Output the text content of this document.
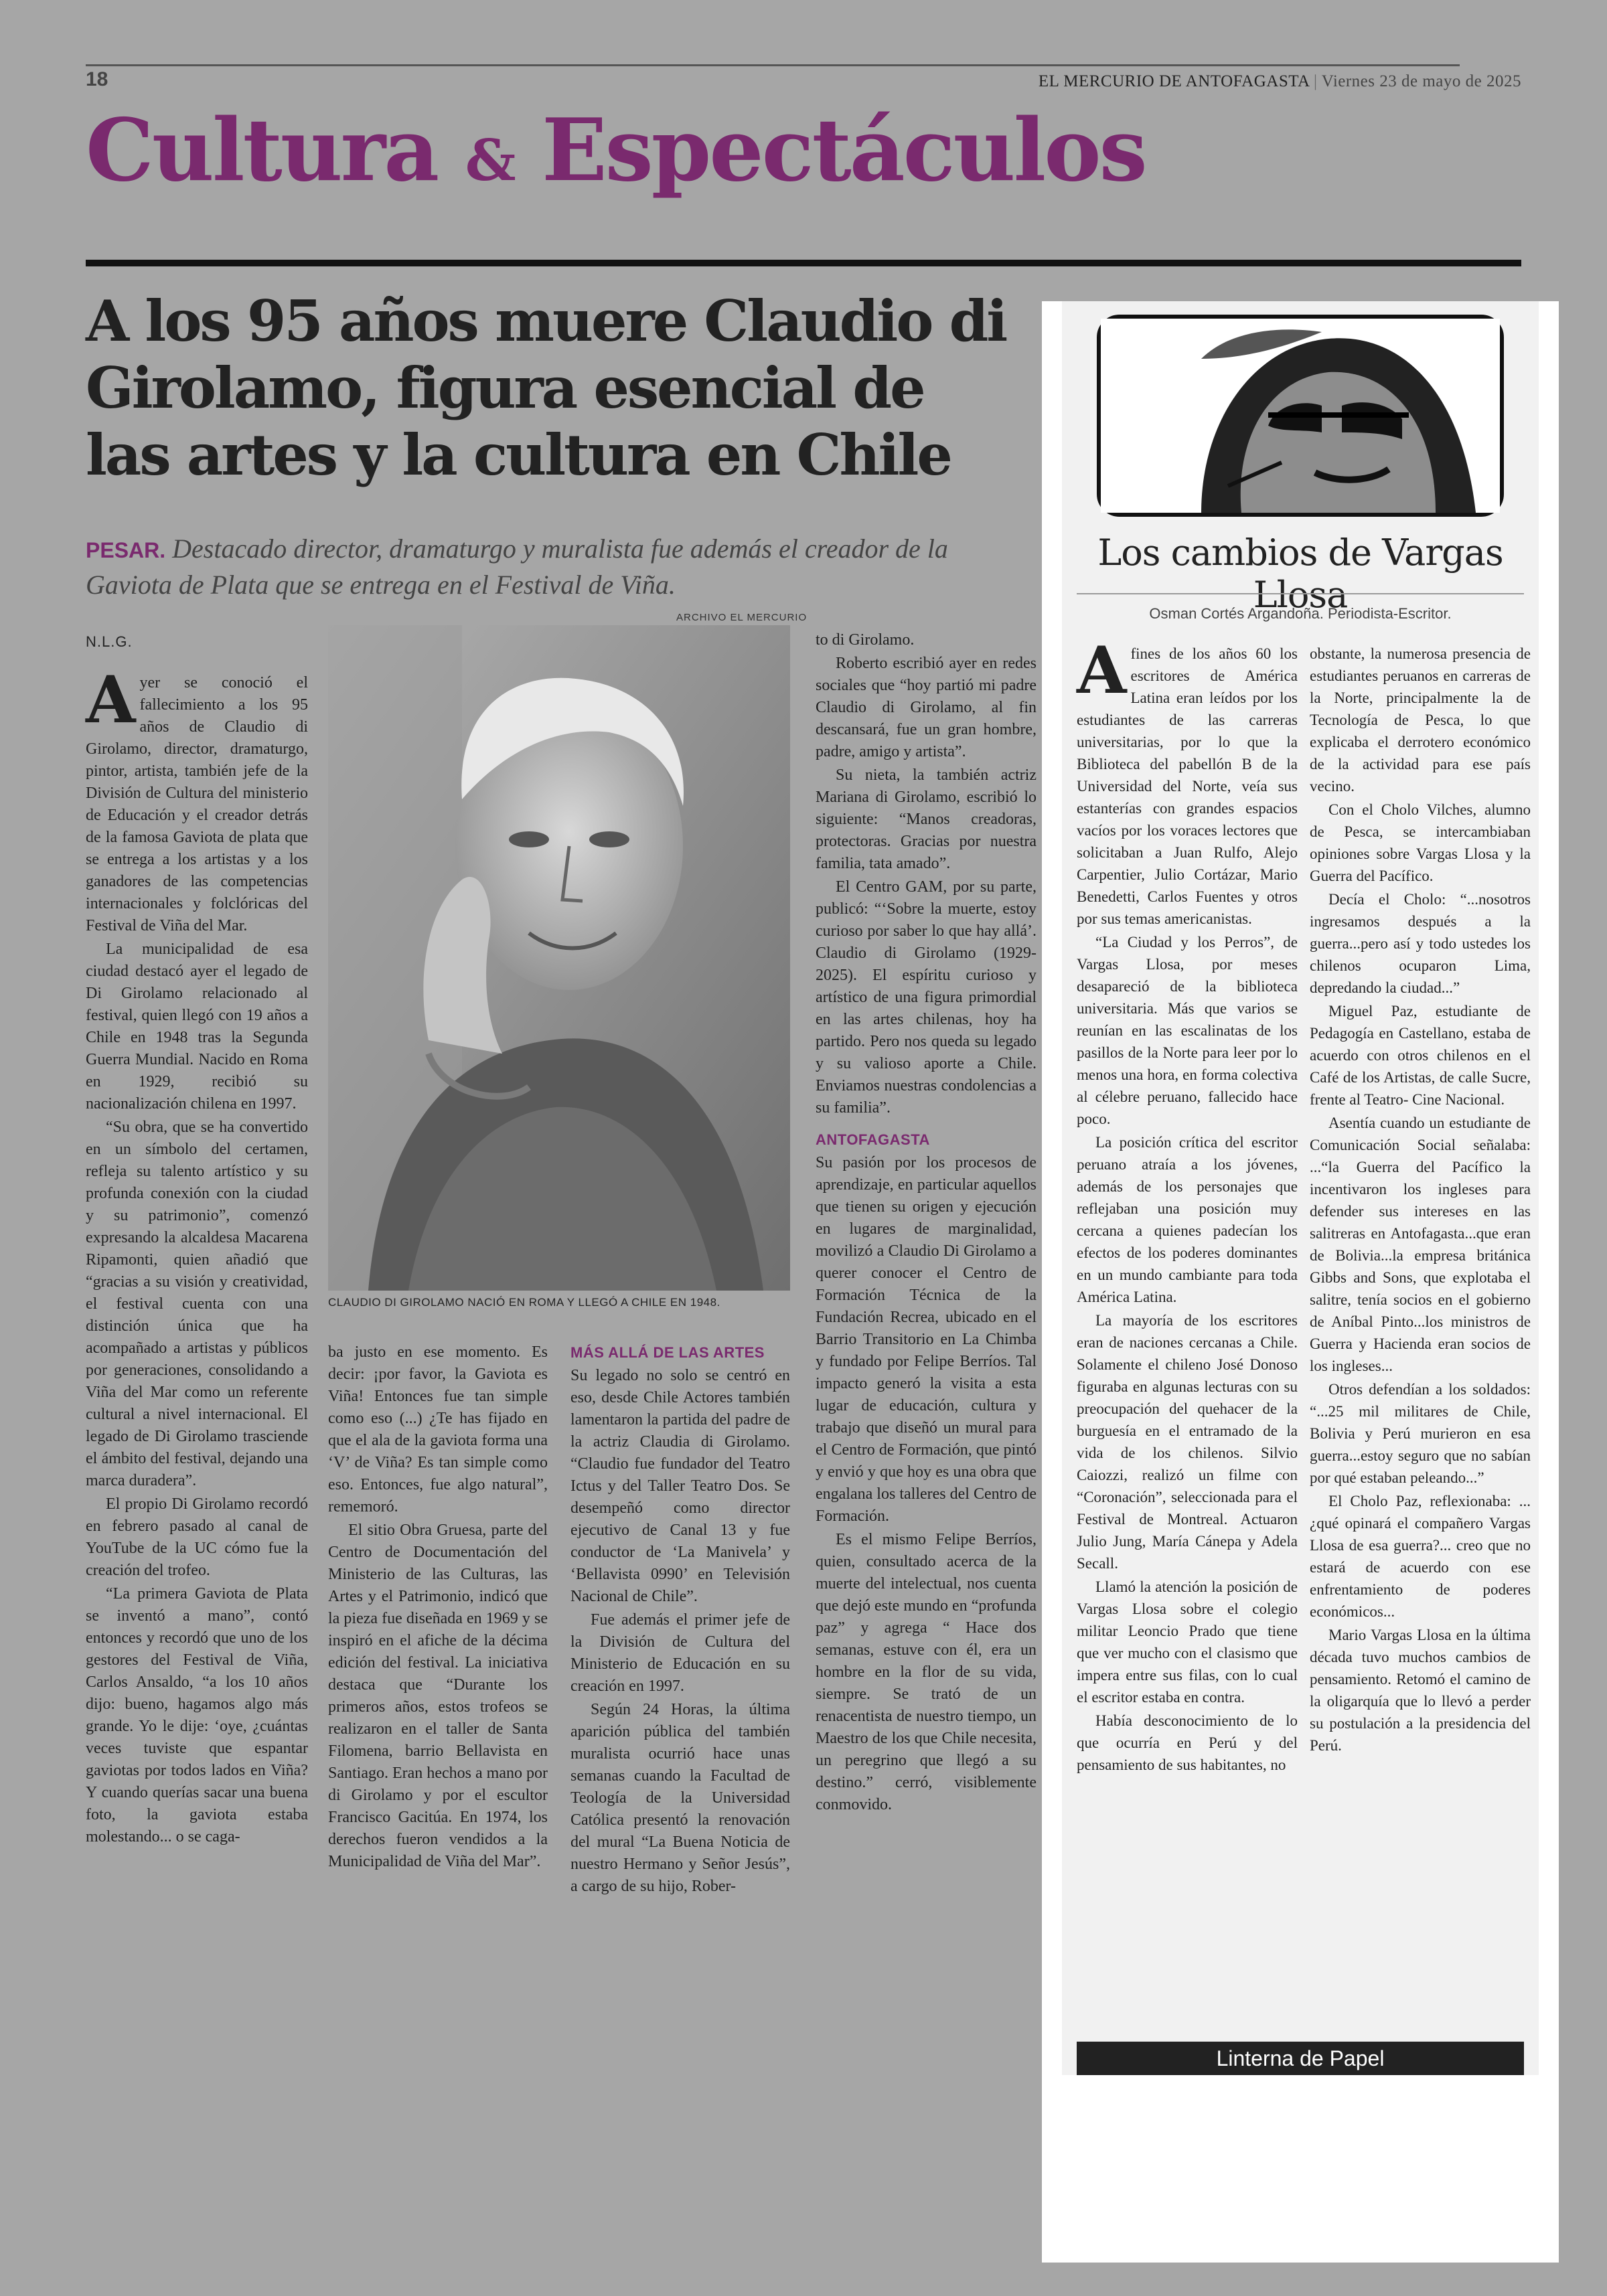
18	EL MERCURIO DE ANTOFAGASTA | Viernes 23 de mayo de 2025
Cultura & Espectáculos
A los 95 años muere Claudio di Girolamo, figura esencial de las artes y la cultura en Chile
PESAR. Destacado director, dramaturgo y muralista fue además el creador de la Gaviota de Plata que se entrega en el Festival de Viña.
N.L.G.
ARCHIVO EL MERCURIO
CLAUDIO DI GIROLAMO NACIÓ EN ROMA Y LLEGÓ A CHILE EN 1948.

Ayer se conoció el fallecimiento a los 95 años de Claudio di Girolamo, director, dramaturgo, pintor, artista, también jefe de la División de Cultura del ministerio de Educación y el creador detrás de la famosa Gaviota de plata que se entrega a los artistas y a los ganadores de las competencias internacionales y folclóricas del Festival de Viña del Mar.

La municipalidad de esa ciudad destacó ayer el legado de Di Girolamo relacionado al festival, quien llegó con 19 años a Chile en 1948 tras la Segunda Guerra Mundial. Nacido en Roma en 1929, recibió su nacionalización chilena en 1997.

“Su obra, que se ha convertido en un símbolo del certamen, refleja su talento artístico y su profunda conexión con la ciudad y su patrimonio”, comenzó expresando la alcaldesa Macarena Ripamonti, quien añadió que “gracias a su visión y creatividad, el festival cuenta con una distinción única que ha acompañado a artistas y públicos por generaciones, consolidando a Viña del Mar como un referente cultural a nivel internacional. El legado de Di Girolamo trasciende el ámbito del festival, dejando una marca duradera”.

El propio Di Girolamo recordó en febrero pasado al canal de YouTube de la UC cómo fue la creación del trofeo.

“La primera Gaviota de Plata se inventó a mano”, contó entonces y recordó que uno de los gestores del Festival de Viña, Carlos Ansaldo, “a los 10 años dijo: bueno, hagamos algo más grande. Yo le dije: ‘oye, ¿cuántas veces tuviste que espantar gaviotas por todos lados en Viña? Y cuando querías sacar una buena foto, la gaviota estaba molestando... o se caga-

ba justo en ese momento. Es decir: ¡por favor, la Gaviota es Viña! Entonces fue tan simple como eso (...) ¿Te has fijado en que el ala de la gaviota forma una ‘V’ de Viña? Es tan simple como eso. Entonces, fue algo natural”, rememoró.

El sitio Obra Gruesa, parte del Centro de Documentación del Ministerio de las Culturas, las Artes y el Patrimonio, indicó que la pieza fue diseñada en 1969 y se inspiró en el afiche de la décima edición del festival. La iniciativa destaca que “Durante los primeros años, estos trofeos se realizaron en el taller de Santa Filomena, barrio Bellavista en Santiago. Eran hechos a mano por di Girolamo y por el escultor Francisco Gacitúa. En 1974, los derechos fueron vendidos a la Municipalidad de Viña del Mar”.

MÁS ALLÁ DE LAS ARTES

Su legado no solo se centró en eso, desde Chile Actores también lamentaron la partida del padre de la actriz Claudia di Girolamo. “Claudio fue fundador del Teatro Ictus y del Taller Teatro Dos. Se desempeñó como director ejecutivo de Canal 13 y fue conductor de ‘La Manivela’ y ‘Bellavista 0990’ en Televisión Nacional de Chile”.

Fue además el primer jefe de la División de Cultura del Ministerio de Educación en su creación en 1997.

Según 24 Horas, la última aparición pública del también muralista ocurrió hace unas semanas cuando la Facultad de Teología de la Universidad Católica presentó la renovación del mural “La Buena Noticia de nuestro Hermano y Señor Jesús”, a cargo de su hijo, Rober-

to di Girolamo.

Roberto escribió ayer en redes sociales que “hoy partió mi padre Claudio di Girolamo, al fin descansará, fue un gran hombre, padre, amigo y artista”.

Su nieta, la también actriz Mariana di Girolamo, escribió lo siguiente: “Manos creadoras, protectoras. Gracias por nuestra familia, tata amado”.

El Centro GAM, por su parte, publicó: “‘Sobre la muerte, estoy curioso por saber lo que hay allá’. Claudio di Girolamo (1929-2025). El espíritu curioso y artístico de una figura primordial en las artes chilenas, hoy ha partido. Pero nos queda su legado y su valioso aporte a Chile. Enviamos nuestras condolencias a su familia”.

ANTOFAGASTA

Su pasión por los procesos de aprendizaje, en particular aquellos que tienen su origen y ejecución en lugares de marginalidad, movilizó a Claudio Di Girolamo a querer conocer el Centro de Formación Técnica de la Fundación Recrea, ubicado en el Barrio Transitorio en La Chimba y fundado por Felipe Berríos. Tal impacto generó la visita a esta lugar de educación, cultura y trabajo que diseñó un mural para el Centro de Formación, que pintó y envió y que hoy es una obra que engalana los talleres del Centro de Formación.

Es el mismo Felipe Berríos, quien, consultado acerca de la muerte del intelectual, nos cuenta que dejó este mundo en “profunda paz” y agrega “ Hace dos semanas, estuve con él, era un hombre en la flor de su vida, siempre. Se trató de un renacentista de nuestro tiempo, un Maestro de los que Chile necesita, un peregrino que llegó a su destino.” cerró, visiblemente conmovido.

Los cambios de Vargas Llosa
Osman Cortés Argandoña. Periodista-Escritor.

Afines de los años 60 los escritores de América Latina eran leídos por los estudiantes de las carreras universitarias, por lo que la Biblioteca del pabellón B de la Universidad del Norte, veía sus estanterías con grandes espacios vacíos por los voraces lectores que solicitaban a Juan Rulfo, Alejo Carpentier, Julio Cortázar, Mario Benedetti, Carlos Fuentes y otros por sus temas americanistas.

“La Ciudad y los Perros”, de Vargas Llosa, por meses desapareció de la biblioteca universitaria. Más que varios se reunían en las escalinatas de los pasillos de la Norte para leer por lo menos una hora, en forma colectiva al célebre peruano, fallecido hace poco.

La posición crítica del escritor peruano atraía a los jóvenes, además de los personajes que reflejaban una posición muy cercana a quienes padecían los efectos de los poderes dominantes en un mundo cambiante para toda América Latina.

La mayoría de los escritores eran de naciones cercanas a Chile. Solamente el chileno José Donoso figuraba en algunas lecturas con su preocupación del quehacer de la burguesía en el entramado de la vida de los chilenos. Silvio Caiozzi, realizó un filme con “Coronación”, seleccionada para el Festival de Montreal. Actuaron Julio Jung, María Cánepa y Adela Secall.

Llamó la atención la posición de Vargas Llosa sobre el colegio militar Leoncio Prado que tiene que ver mucho con el clasismo que impera entre sus filas, con lo cual el escritor estaba en contra.

Había desconocimiento de lo que ocurría en Perú y del pensamiento de sus habitantes, no

obstante, la numerosa presencia de estudiantes peruanos en carreras de la Norte, principalmente la de Tecnología de Pesca, lo que explicaba el derrotero económico de la actividad para ese país vecino.

Con el Cholo Vilches, alumno de Pesca, se intercambiaban opiniones sobre Vargas Llosa y la Guerra del Pacífico.

Decía el Cholo: “...nosotros ingresamos después a la guerra...pero así y todo ustedes los chilenos ocuparon Lima, depredando la ciudad...”

Miguel Paz, estudiante de Pedagogía en Castellano, estaba de acuerdo con otros chilenos en el Café de los Artistas, de calle Sucre, frente al Teatro- Cine Nacional.

Asentía cuando un estudiante de Comunicación Social señalaba: ...“la Guerra del Pacífico la incentivaron los ingleses para defender sus intereses en las salitreras en Antofagasta...que eran de Bolivia...la empresa británica Gibbs and Sons, que explotaba el salitre, tenía socios en el gobierno de Aníbal Pinto...los ministros de Guerra y Hacienda eran socios de los ingleses...

Otros defendían a los soldados: “...25 mil militares de Chile, Bolivia y Perú murieron en esa guerra...estoy seguro que no sabían por qué estaban peleando...”

El Cholo Paz, reflexionaba: ... ¿qué opinará el compañero Vargas Llosa de esa guerra?... creo que no estará de acuerdo con ese enfrentamiento de poderes económicos...

Mario Vargas Llosa en la última década tuvo muchos cambios de pensamiento. Retomó el camino de la oligarquía que lo llevó a perder su postulación a la presidencia del Perú.

Linterna de Papel
